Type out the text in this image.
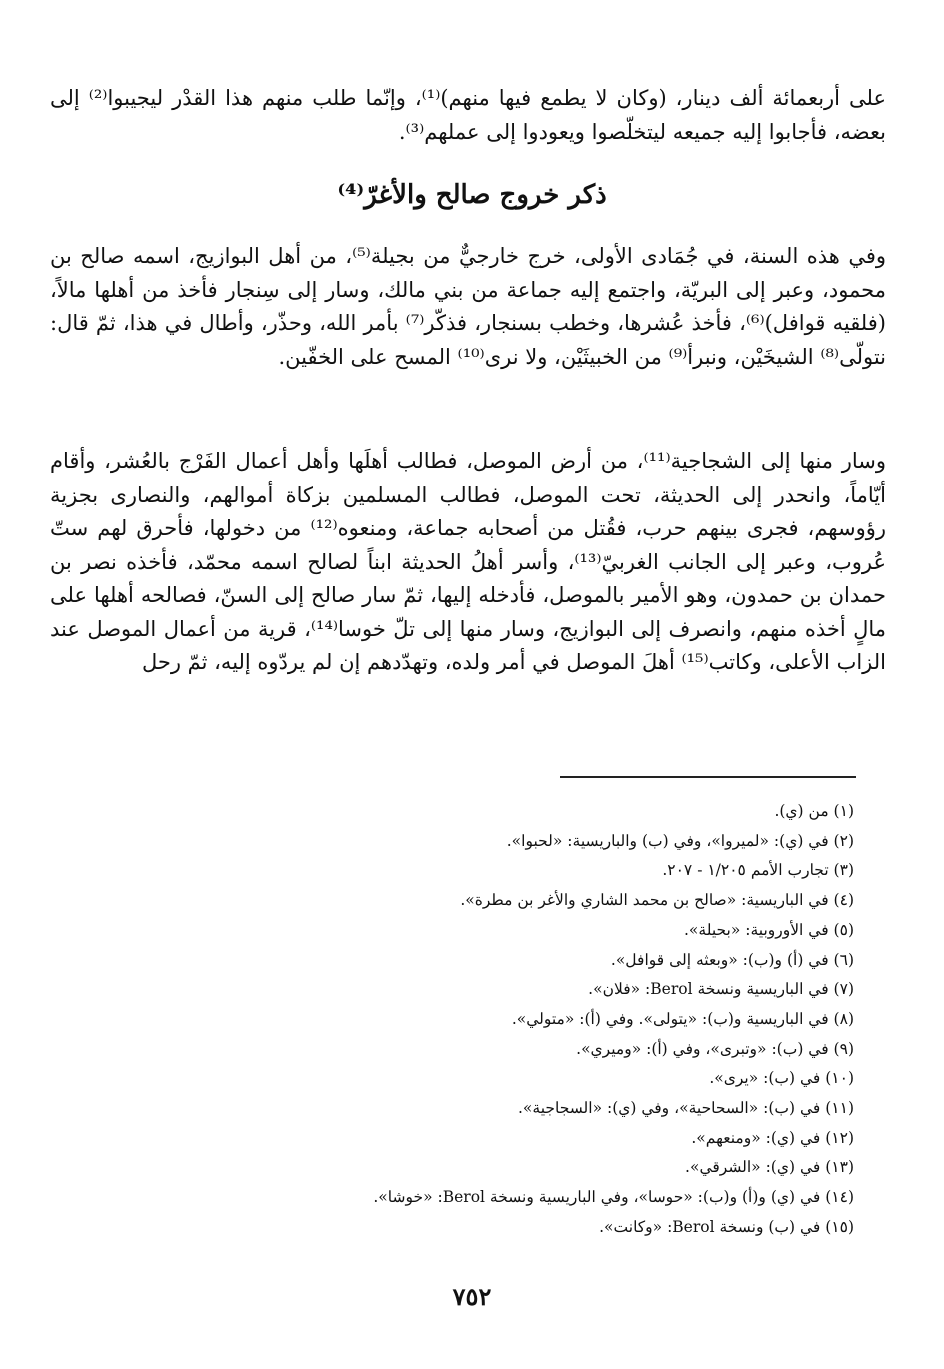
على أربعمائة ألف دينار، (وكان لا يطمع فيها منهم)⁽¹⁾، وإنّما طلب منهم هذا القدْر ليجيبوا⁽²⁾ إلى بعضه، فأجابوا إليه جميعه ليتخلّصوا ويعودوا إلى عملهم⁽³⁾.

ذكر خروج صالح والأغرّ⁽⁴⁾

وفي هذه السنة، في جُمَادى الأولى، خرج خارجيٌّ من بجيلة⁽⁵⁾، من أهل البوازيج، اسمه صالح بن محمود، وعبر إلى البريّة، واجتمع إليه جماعة من بني مالك، وسار إلى سِنجار فأخذ من أهلها مالاً، (فلقيه قوافل)⁽⁶⁾، فأخذ عُشرها، وخطب بسنجار، فذكّر⁽⁷⁾ بأمر الله، وحذّر، وأطال في هذا، ثمّ قال: نتولّى⁽⁸⁾ الشيخَيْن، ونبرأ⁽⁹⁾ من الخبيثَيْن، ولا نرى⁽¹⁰⁾ المسح على الخفّين.

وسار منها إلى الشجاجية⁽¹¹⁾، من أرض الموصل، فطالب أهلَها وأهل أعمال الفَرْج بالعُشر، وأقام أيّاماً، وانحدر إلى الحديثة، تحت الموصل، فطالب المسلمين بزكاة أموالهم، والنصارى بجزية رؤوسهم، فجرى بينهم حرب، فقُتل من أصحابه جماعة، ومنعوه⁽¹²⁾ من دخولها، فأحرق لهم ستّ عُروب، وعبر إلى الجانب الغربيّ⁽¹³⁾، وأسر أهلُ الحديثة ابناً لصالح اسمه محمّد، فأخذه نصر بن حمدان بن حمدون، وهو الأمير بالموصل، فأدخله إليها، ثمّ سار صالح إلى السنّ، فصالحه أهلها على مالٍ أخذه منهم، وانصرف إلى البوازيج، وسار منها إلى تلّ خوسا⁽¹⁴⁾، قرية من أعمال الموصل عند الزاب الأعلى، وكاتب⁽¹⁵⁾ أهلَ الموصل في أمر ولده، وتهدّدهم إن لم يردّوه إليه، ثمّ رحل

(١) من (ي).
(٢) في (ي): «لميروا»، وفي (ب) والباريسية: «لحبوا».
(٣) تجارب الأمم ١/٢٠٥ - ٢٠٧.
(٤) في الباريسية: «صالح بن محمد الشاري والأغر بن مطرة».
(٥) في الأوروبية: «بحيلة».
(٦) في (أ) و(ب): «وبعثه إلى قوافل».
(٧) في الباريسية ونسخة Berol: «فلان».
(٨) في الباريسية و(ب): «يتولى». وفي (أ): «متولي».
(٩) في (ب): «وتبرى»، وفي (أ): «وميري».
(١٠) في (ب): «يرى».
(١١) في (ب): «السحاحية»، وفي (ي): «السجاجية».
(١٢) في (ي): «ومنعهم».
(١٣) في (ي): «الشرقي».
(١٤) في (ي) و(أ) و(ب): «حوسا»، وفي الباريسية ونسخة Berol: «خوشا».
(١٥) في (ب) ونسخة Berol: «وكانت».
٧٥٢
